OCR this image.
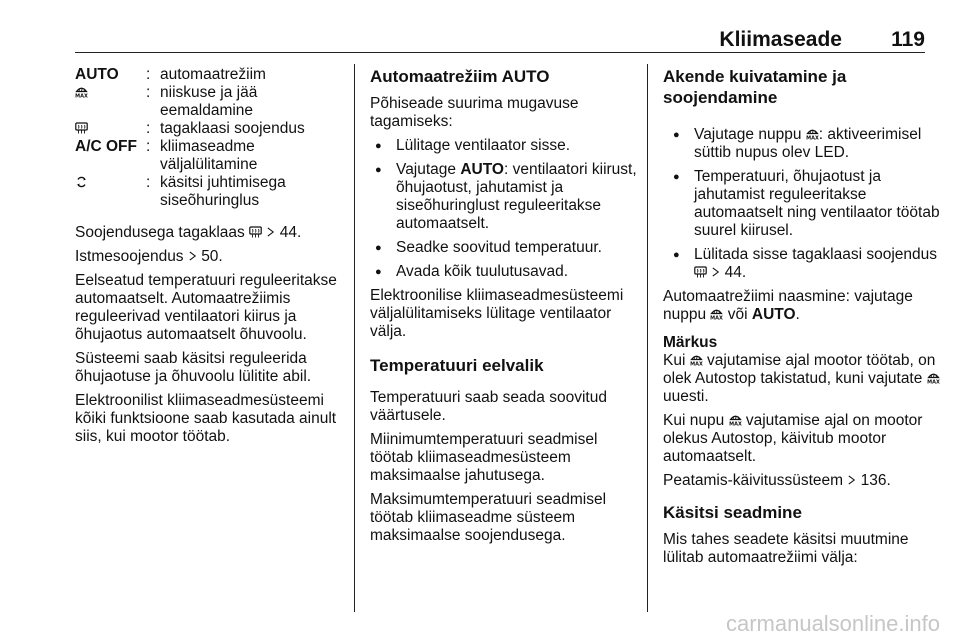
Kliimaseade 119
AUTO	: automaatrežiim
: niiskuse ja jää eemaldamine
: tagaklaasi soojendus
A/C OFF : kliimaseadme väljalülitamine
: käsitsi juhtimisega siseõhuringlus

Soojendusega tagaklaas
44.

Istmesoojendus 50.

Eelseatud temperatuuri reguleeritakse automaatselt. Automaatrežiimis reguleerivad ventilaatori kiirus ja õhujaotus automaatselt õhuvoolu.

Süsteemi saab käsitsi reguleerida õhujaotuse ja õhuvoolu lülitite abil.

Elektroonilist kliimaseadmesüsteemi kõiki funktsioone saab kasutada ainult siis, kui mootor töötab.

Automaatrežiim AUTO

Põhiseade suurima mugavuse tagamiseks:

● Lülitage ventilaator sisse.
● Vajutage AUTO: ventilaatori kiirust, õhujaotust, jahutamist ja siseõhuringlust reguleeritakse automaatselt.
● Seadke soovitud temperatuur.
● Avada kõik tuulutusavad.

Elektroonilise kliimaseadmesüsteemi väljalülitamiseks lülitage ventilaator välja.

Temperatuuri eelvalik

Temperatuuri saab seada soovitud väärtusele.

Miinimumtemperatuuri seadmisel töötab kliimaseadmesüsteem maksimaalse jahutusega.

Maksimumtemperatuuri seadmisel töötab kliimaseadme süsteem maksimaalse soojendusega.

Akende kuivatamine ja soojendamine
● Vajutage nuppu : aktiveerimisel süttib nupus olev LED.
● Temperatuuri, õhujaotust ja jahutamist reguleeritakse automaatselt ning ventilaator töötab suurel kiirusel.
● Lülitada sisse tagaklaasi soojendus

44.

Automaatrežiimi naasmine: vajutage nuppu või AUTO.

Märkus

Kui vajutamise ajal mootor töötab, on olek Autostop takistatud, kuni vajutate
uuesti.

Kui nupu vajutamise ajal on mootor olekus Autostop, käivitub mootor automaatselt.

Peatamis-käivitussüsteem 136.

Käsitsi seadmine

Mis tahes seadete käsitsi muutmine lülitab automaatrežiimi välja:

carmanualsonline.info
